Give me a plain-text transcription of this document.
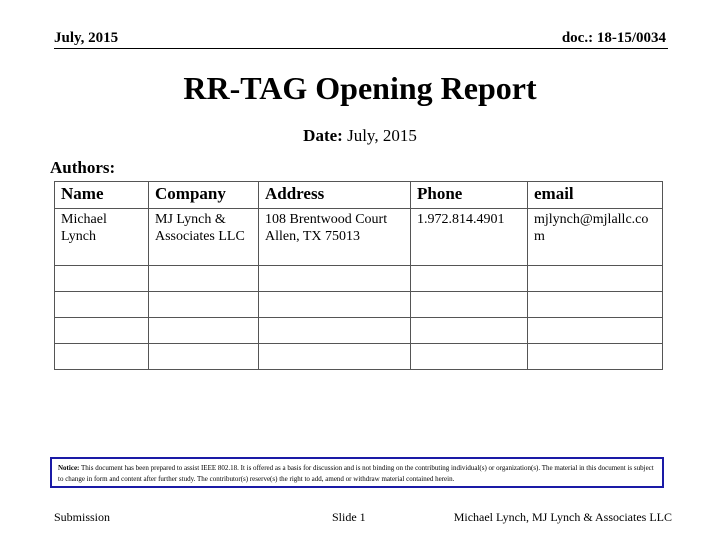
July, 2015	doc.: 18-15/0034
RR-TAG Opening Report
Date: July, 2015
Authors:
Name	Company	Address	Phone	email
Michael Lynch	MJ Lynch & Associates LLC	108 Brentwood Court Allen, TX 75013	1.972.814.4901	mjlynch@mjlallc.com

Notice: This document has been prepared to assist IEEE 802.18. It is offered as a basis for discussion and is not binding on the contributing individual(s) or organization(s). The material in this document is subject to change in form and content after further study. The contributor(s) reserve(s) the right to add, amend or withdraw material contained herein.
Submission	Slide 1	Michael Lynch, MJ Lynch & Associates LLC
